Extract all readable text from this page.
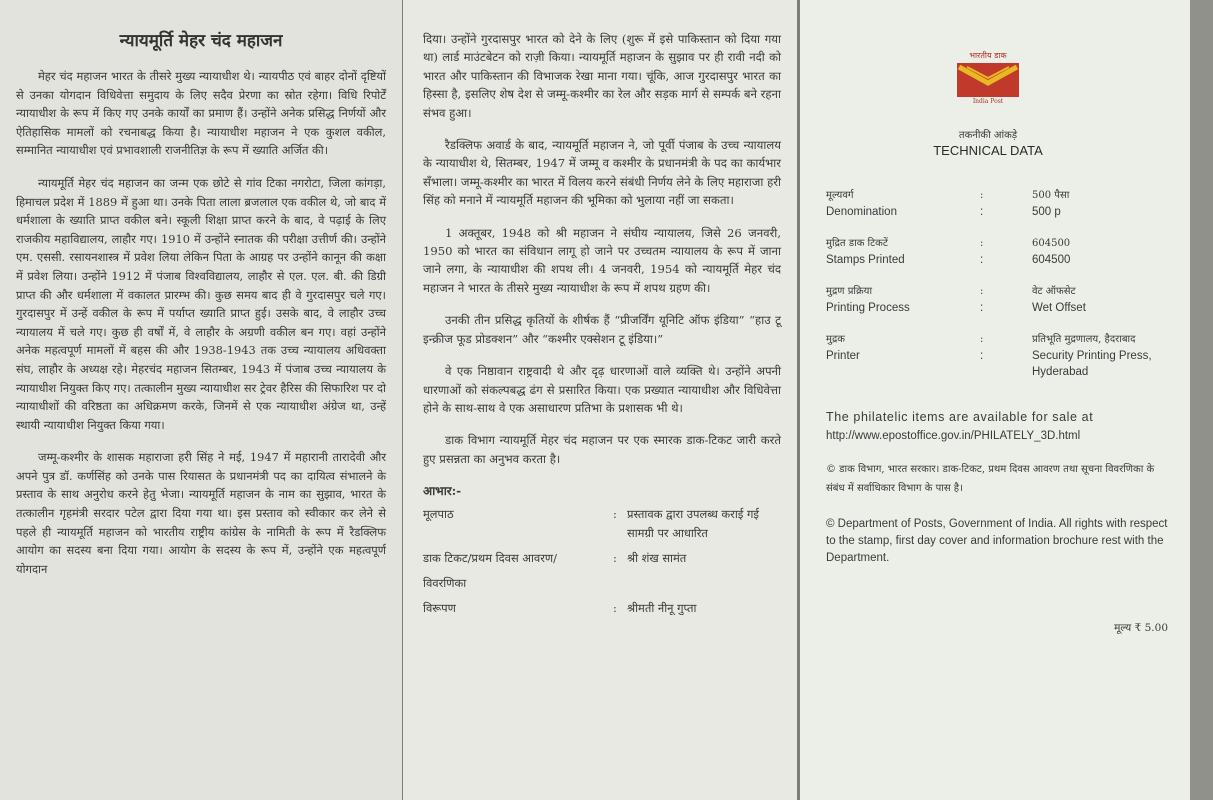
न्यायमूर्ति मेहर चंद महाजन

मेहर चंद महाजन भारत के तीसरे मुख्य न्यायाधीश थे। न्यायपीठ एवं बाहर दोनों दृष्टियों से उनका योगदान विधिवेत्ता समुदाय के लिए सदैव प्रेरणा का स्रोत रहेगा। विधि रिपोर्टें न्यायाधीश के रूप में किए गए उनके कार्यों का प्रमाण हैं। उन्होंने अनेक प्रसिद्ध निर्णयों और ऐतिहासिक मामलों को रचनाबद्ध किया है। न्यायाधीश महाजन ने एक कुशल वकील, सम्मानित न्यायाधीश एवं प्रभावशाली राजनीतिज्ञ के रूप में ख्याति अर्जित की।

न्यायमूर्ति मेहर चंद महाजन का जन्म एक छोटे से गांव टिका नगरोटा, जिला कांगड़ा, हिमाचल प्रदेश में 1889 में हुआ था। उनके पिता लाला ब्रजलाल एक वकील थे, जो बाद में धर्मशाला के ख्याति प्राप्त वकील बने। स्कूली शिक्षा प्राप्त करने के बाद, वे पढ़ाई के लिए राजकीय महाविद्यालय, लाहौर गए। 1910 में उन्होंने स्नातक की परीक्षा उत्तीर्ण की। उन्होंने एम. एससी. रसायनशास्त्र में प्रवेश लिया लेकिन पिता के आग्रह पर उन्होंने कानून की कक्षा में प्रवेश लिया। उन्होंने 1912 में पंजाब विश्वविद्यालय, लाहौर से एल. एल. बी. की डिग्री प्राप्त की और धर्मशाला में वकालत प्रारम्भ की। कुछ समय बाद ही वे गुरदासपुर चले गए। गुरदासपुर में उन्हें वकील के रूप में पर्याप्त ख्याति प्राप्त हुई। उसके बाद, वे लाहौर उच्च न्यायालय में चले गए। कुछ ही वर्षों में, वे लाहौर के अग्रणी वकील बन गए। वहां उन्होंने अनेक महत्वपूर्ण मामलों में बहस की और 1938-1943 तक उच्च न्यायालय अधिवक्ता संघ, लाहौर के अध्यक्ष रहे। मेहरचंद महाजन सितम्बर, 1943 में पंजाब उच्च न्यायालय के न्यायाधीश नियुक्त किए गए। तत्कालीन मुख्य न्यायाधीश सर ट्रेवर हैरिस की सिफारिश पर दो न्यायाधीशों की वरिष्ठता का अधिक्रमण करके, जिनमें से एक न्यायाधीश अंग्रेज था, उन्हें स्थायी न्यायाधीश नियुक्त किया गया।

जम्मू-कश्मीर के शासक महाराजा हरी सिंह ने मई, 1947 में महारानी तारादेवी और अपने पुत्र डॉ. कर्णसिंह को उनके पास रियासत के प्रधानमंत्री पद का दायित्व संभालने के प्रस्ताव के साथ अनुरोध करने हेतु भेजा। न्यायमूर्ति महाजन के नाम का सुझाव, भारत के तत्कालीन गृहमंत्री सरदार पटेल द्वारा दिया गया था। इस प्रस्ताव को स्वीकार कर लेने से पहले ही न्यायमूर्ति महाजन को भारतीय राष्ट्रीय कांग्रेस के नामिती के रूप में रैडक्लिफ आयोग का सदस्य बना दिया गया। आयोग के सदस्य के रूप में, उन्होंने एक महत्वपूर्ण योगदान

दिया। उन्होंने गुरदासपुर भारत को देने के लिए (शुरू में इसे पाकिस्तान को दिया गया था) लार्ड माउंटबेटन को राज़ी किया। न्यायमूर्ति महाजन के सुझाव पर ही रावी नदी को भारत और पाकिस्तान की विभाजक रेखा माना गया। चूंकि, आज गुरदासपुर भारत का हिस्सा है, इसलिए शेष देश से जम्मू-कश्मीर का रेल और सड़क मार्ग से सम्पर्क बने रहना संभव हुआ।

रैडक्लिफ अवार्ड के बाद, न्यायमूर्ति महाजन ने, जो पूर्वी पंजाब के उच्च न्यायालय के न्यायाधीश थे, सितम्बर, 1947 में जम्मू व कश्मीर के प्रधानमंत्री के पद का कार्यभार सँभाला। जम्मू-कश्मीर का भारत में विलय करने संबंधी निर्णय लेने के लिए महाराजा हरी सिंह को मनाने में न्यायमूर्ति महाजन की भूमिका को भुलाया नहीं जा सकता।

1 अक्तूबर, 1948 को श्री महाजन ने संघीय न्यायालय, जिसे 26 जनवरी, 1950 को भारत का संविधान लागू हो जाने पर उच्चतम न्यायालय के रूप में जाना जाने लगा, के न्यायाधीश की शपथ ली। 4 जनवरी, 1954 को न्यायमूर्ति मेहर चंद महाजन ने भारत के तीसरे मुख्य न्यायाधीश के रूप में शपथ ग्रहण की।

उनकी तीन प्रसिद्ध कृतियों के शीर्षक हैं “प्रीजर्विंग यूनिटि ऑफ इंडिया” “हाउ टू इन्क्रीज फूड प्रोडक्शन” और “कश्मीर एक्सेशन टू इंडिया।”

वे एक निष्ठावान राष्ट्रवादी थे और दृढ़ धारणाओं वाले व्यक्ति थे। उन्होंने अपनी धारणाओं को संकल्पबद्ध ढंग से प्रसारित किया। एक प्रख्यात न्यायाधीश और विधिवेत्ता होने के साथ-साथ वे एक असाधारण प्रतिभा के प्रशासक भी थे।

डाक विभाग न्यायमूर्ति मेहर चंद महाजन पर एक स्मारक डाक-टिकट जारी करते हुए प्रसन्नता का अनुभव करता है।

आभार:-
मूलपाठ	: प्रस्तावक द्वारा उपलब्ध कराई गई सामग्री पर आधारित
डाक टिकट/प्रथम दिवस आवरण/	: श्री शंख सामंत
विवरणिका
विरूपण	: श्रीमती नीनू गुप्ता
भारतीय डाक
India Post
तकनीकी आंकड़े
TECHNICAL DATA
मूल्यवर्ग	:	500 पैसा
Denomination	:	500 p
मुद्रित डाक टिकटें	:	604500
Stamps Printed	:	604500
मुद्रण प्रक्रिया	:	वेट ऑफसेट
Printing Process	:	Wet Offset
मुद्रक	:	प्रतिभूति मुद्रणालय, हैदराबाद
Printer	:	Security Printing Press, Hyderabad
The philatelic items are available for sale at
http://www.epostoffice.gov.in/PHILATELY_3D.html
© डाक विभाग, भारत सरकार। डाक-टिकट, प्रथम दिवस आवरण तथा सूचना विवरणिका के संबंध में सर्वाधिकार विभाग के पास है।
© Department of Posts, Government of India. All rights with respect to the stamp, first day cover and information brochure rest with the Department.
मूल्य ₹ 5.00
